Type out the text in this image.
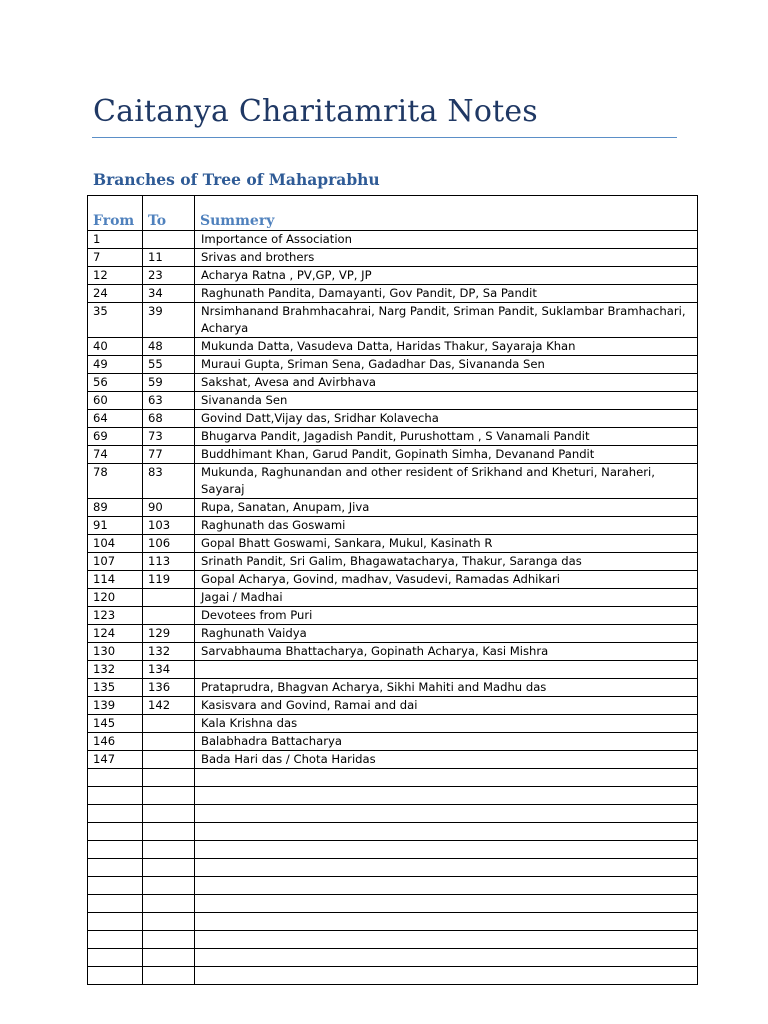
Caitanya Charitamrita Notes
Branches of Tree of Mahaprabhu
From	To	Summery
1		Importance of Association
7	11	Srivas and brothers
12	23	Acharya Ratna , PV,GP, VP, JP
24	34	Raghunath Pandita, Damayanti, Gov Pandit, DP, Sa Pandit
35	39	Nrsimhanand Brahmhacahrai, Narg Pandit, Sriman Pandit, Suklambar Bramhachari, Acharya
40	48	Mukunda Datta, Vasudeva Datta, Haridas Thakur, Sayaraja Khan
49	55	Muraui Gupta, Sriman Sena, Gadadhar Das, Sivananda Sen
56	59	Sakshat, Avesa and Avirbhava
60	63	Sivananda Sen
64	68	Govind Datt,Vijay das, Sridhar Kolavecha
69	73	Bhugarva Pandit, Jagadish Pandit, Purushottam , S Vanamali Pandit
74	77	Buddhimant Khan, Garud Pandit, Gopinath Simha, Devanand Pandit
78	83	Mukunda, Raghunandan and other resident of Srikhand and Kheturi, Naraheri, Sayaraj
89	90	Rupa, Sanatan, Anupam, Jiva
91	103	Raghunath das Goswami
104	106	Gopal Bhatt Goswami, Sankara, Mukul, Kasinath R
107	113	Srinath Pandit, Sri Galim, Bhagawatacharya, Thakur, Saranga das
114	119	Gopal Acharya, Govind, madhav, Vasudevi, Ramadas Adhikari
120		Jagai / Madhai
123		Devotees from Puri
124	129	Raghunath Vaidya
130	132	Sarvabhauma Bhattacharya, Gopinath Acharya, Kasi Mishra
132	134	
135	136	Prataprudra, Bhagvan Acharya, Sikhi Mahiti and Madhu das
139	142	Kasisvara and Govind, Ramai and dai
145		Kala Krishna das
146		Balabhadra Battacharya
147		Bada Hari das / Chota Haridas
